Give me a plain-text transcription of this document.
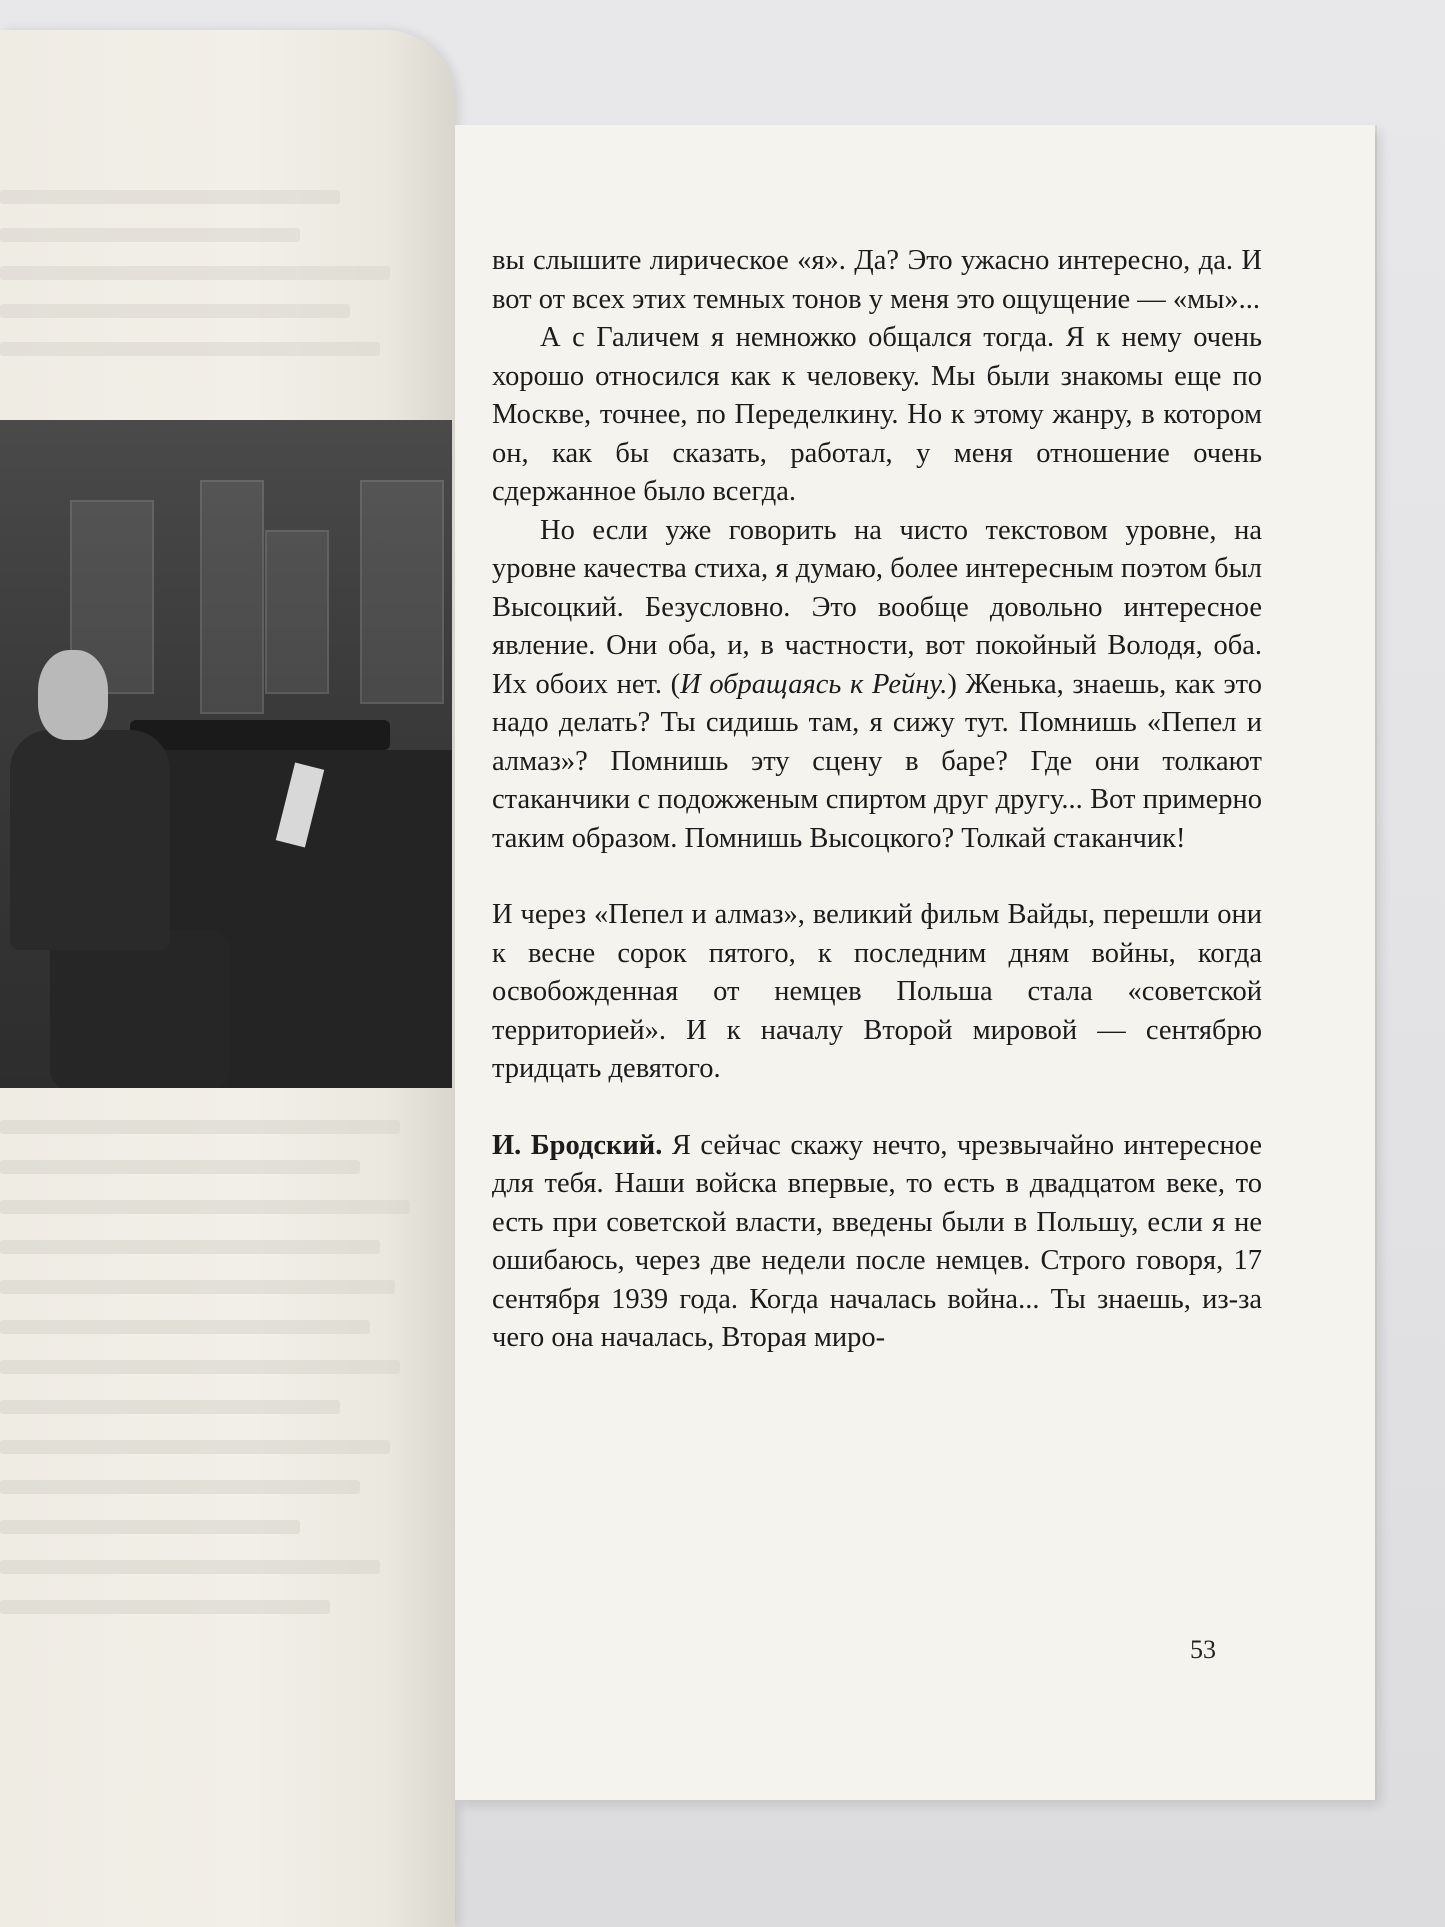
вы слышите лирическое «я». Да? Это ужасно интересно, да. И вот от всех этих темных тонов у меня это ощущение — «мы»...

А с Галичем я немножко общался тогда. Я к нему очень хорошо относился как к человеку. Мы были знакомы еще по Москве, точнее, по Переделкину. Но к этому жанру, в котором он, как бы сказать, работал, у меня отношение очень сдержанное было всегда.

Но если уже говорить на чисто текстовом уровне, на уровне качества стиха, я думаю, более интересным поэтом был Высоцкий. Безусловно. Это вообще довольно интересное явление. Они оба, и, в частности, вот покойный Володя, оба. Их обоих нет. (И обращаясь к Рейну.) Женька, знаешь, как это надо делать? Ты сидишь там, я сижу тут. Помнишь «Пепел и алмаз»? Помнишь эту сцену в баре? Где они толкают стаканчики с подожженым спиртом друг другу... Вот примерно таким образом. Помнишь Высоцкого? Толкай стаканчик!

И через «Пепел и алмаз», великий фильм Вайды, перешли они к весне сорок пятого, к последним дням войны, когда освобожденная от немцев Польша стала «советской территорией». И к началу Второй мировой — сентябрю тридцать девятого.

И. Бродский. Я сейчас скажу нечто, чрезвычайно интересное для тебя. Наши войска впервые, то есть в двадцатом веке, то есть при советской власти, введены были в Польшу, если я не ошибаюсь, через две недели после немцев. Строго говоря, 17 сентября 1939 года. Когда началась война... Ты знаешь, из-за чего она началась, Вторая миро-

53
